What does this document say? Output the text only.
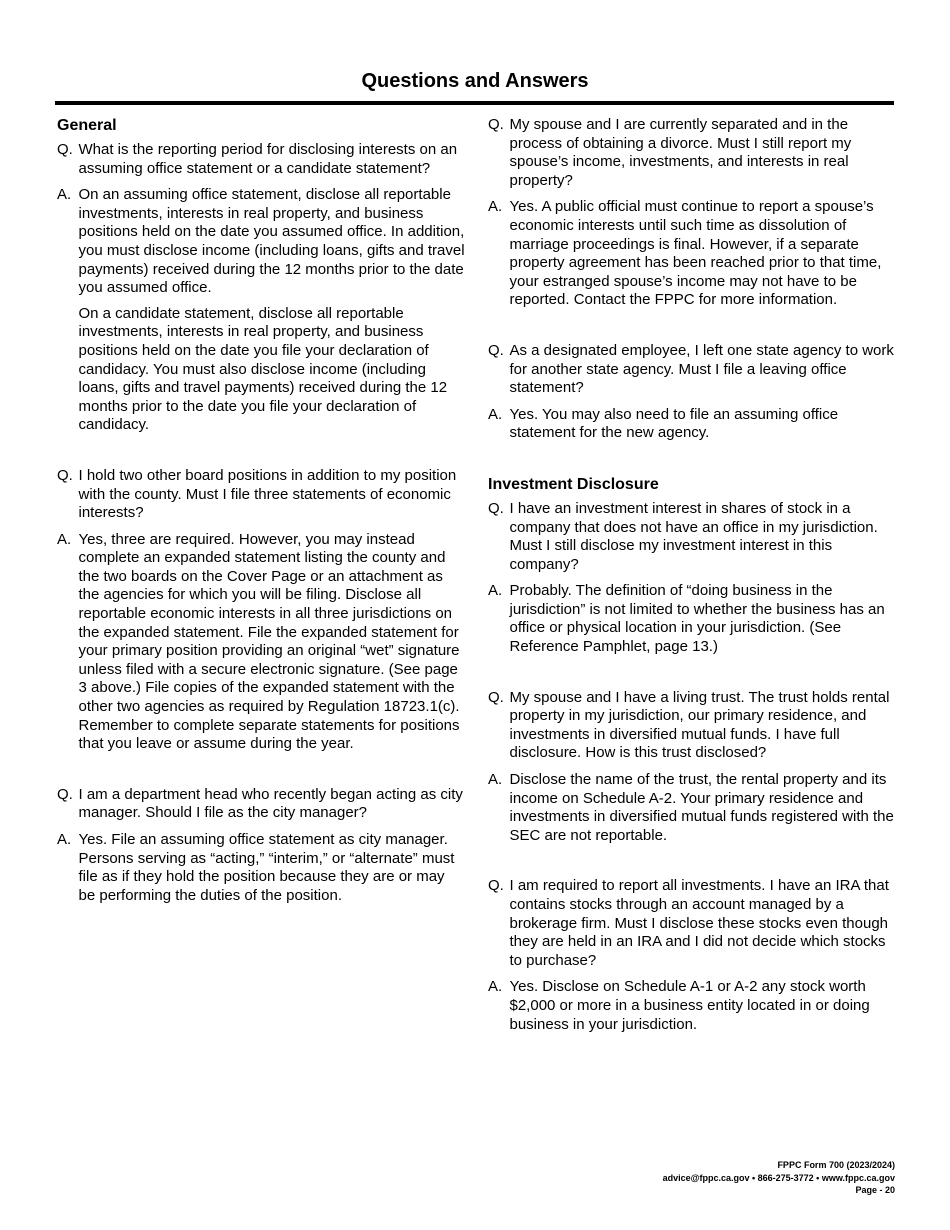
Questions and Answers
General
Q. What is the reporting period for disclosing interests on an assuming office statement or a candidate statement?
A. On an assuming office statement, disclose all reportable investments, interests in real property, and business positions held on the date you assumed office. In addition, you must disclose income (including loans, gifts and travel payments) received during the 12 months prior to the date you assumed office.
On a candidate statement, disclose all reportable investments, interests in real property, and business positions held on the date you file your declaration of candidacy. You must also disclose income (including loans, gifts and travel payments) received during the 12 months prior to the date you file your declaration of candidacy.
Q. I hold two other board positions in addition to my position with the county. Must I file three statements of economic interests?
A. Yes, three are required. However, you may instead complete an expanded statement listing the county and the two boards on the Cover Page or an attachment as the agencies for which you will be filing. Disclose all reportable economic interests in all three jurisdictions on the expanded statement. File the expanded statement for your primary position providing an original “wet” signature unless filed with a secure electronic signature. (See page 3 above.) File copies of the expanded statement with the other two agencies as required by Regulation 18723.1(c). Remember to complete separate statements for positions that you leave or assume during the year.
Q. I am a department head who recently began acting as city manager. Should I file as the city manager?
A. Yes. File an assuming office statement as city manager. Persons serving as “acting,” “interim,” or “alternate” must file as if they hold the position because they are or may be performing the duties of the position.
Q. My spouse and I are currently separated and in the process of obtaining a divorce. Must I still report my spouse’s income, investments, and interests in real property?
A. Yes. A public official must continue to report a spouse’s economic interests until such time as dissolution of marriage proceedings is final. However, if a separate property agreement has been reached prior to that time, your estranged spouse’s income may not have to be reported. Contact the FPPC for more information.
Q. As a designated employee, I left one state agency to work for another state agency. Must I file a leaving office statement?
A. Yes. You may also need to file an assuming office statement for the new agency.
Investment Disclosure
Q. I have an investment interest in shares of stock in a company that does not have an office in my jurisdiction. Must I still disclose my investment interest in this company?
A. Probably. The definition of “doing business in the jurisdiction” is not limited to whether the business has an office or physical location in your jurisdiction. (See Reference Pamphlet, page 13.)
Q. My spouse and I have a living trust. The trust holds rental property in my jurisdiction, our primary residence, and investments in diversified mutual funds. I have full disclosure. How is this trust disclosed?
A. Disclose the name of the trust, the rental property and its income on Schedule A-2. Your primary residence and investments in diversified mutual funds registered with the SEC are not reportable.
Q. I am required to report all investments. I have an IRA that contains stocks through an account managed by a brokerage firm. Must I disclose these stocks even though they are held in an IRA and I did not decide which stocks to purchase?
A. Yes. Disclose on Schedule A-1 or A-2 any stock worth $2,000 or more in a business entity located in or doing business in your jurisdiction.
FPPC Form 700 (2023/2024)
advice@fppc.ca.gov • 866-275-3772 • www.fppc.ca.gov
Page - 20
